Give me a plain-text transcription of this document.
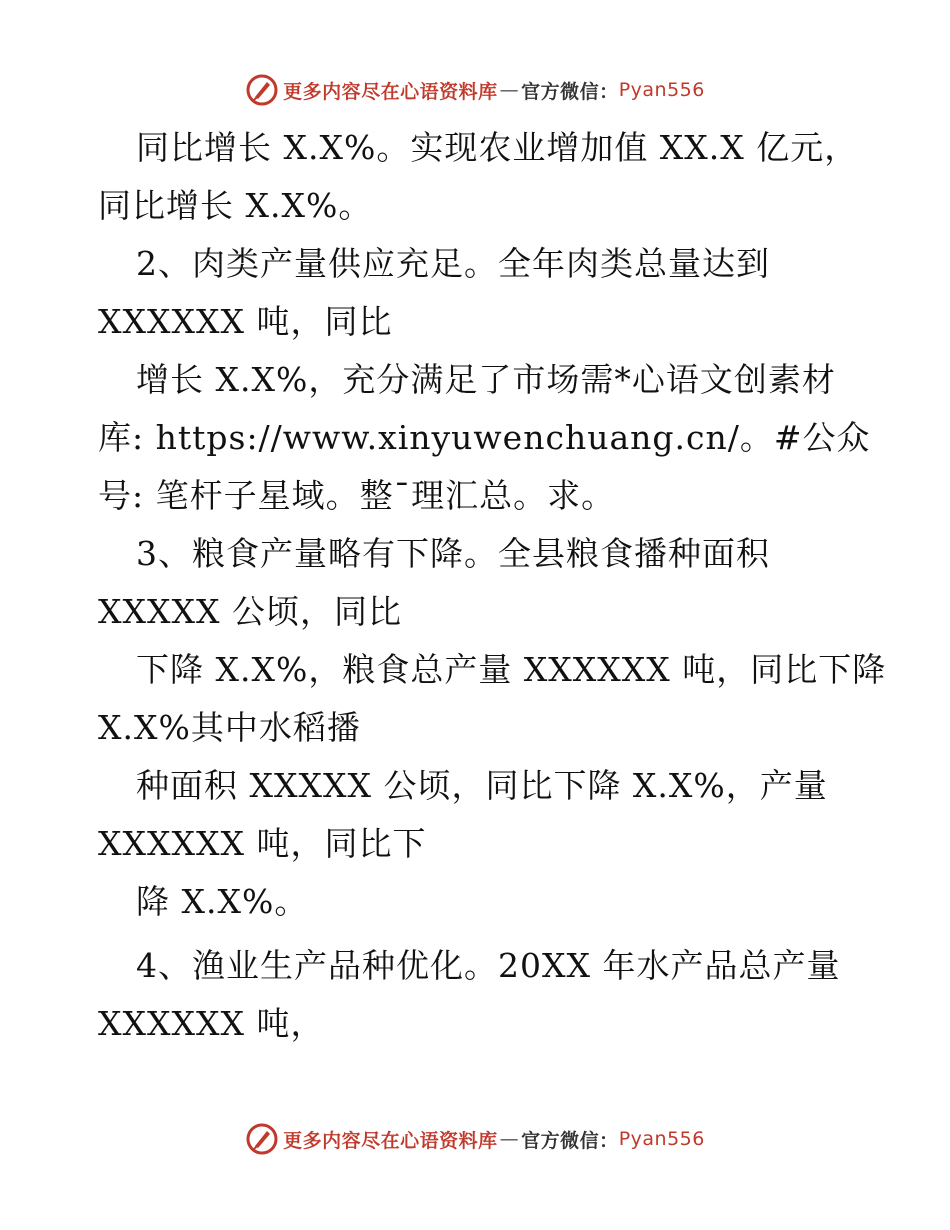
更多内容尽在心语资料库 — 官方微信： Pyan556
同比增长 X.X%。实现农业增加值 XX.X 亿元，
同比增长 X.X%。
2、肉类产量供应充足。全年肉类总量达到
XXXXXX 吨，同比
增长 X.X%，充分满足了市场需*心语文创素材
库: https://www.xinyuwenchuang.cn/。#公众
号: 笔杆子星域。整¯理汇总。求。
3、粮食产量略有下降。全县粮食播种面积
XXXXX 公顷，同比
下降 X.X%，粮食总产量 XXXXXX 吨，同比下降
X.X%其中水稻播
种面积 XXXXX 公顷，同比下降 X.X%，产量
XXXXXX 吨，同比下
降 X.X%。
4、渔业生产品种优化。20XX 年水产品总产量
XXXXXX 吨，
更多内容尽在心语资料库 — 官方微信： Pyan556
